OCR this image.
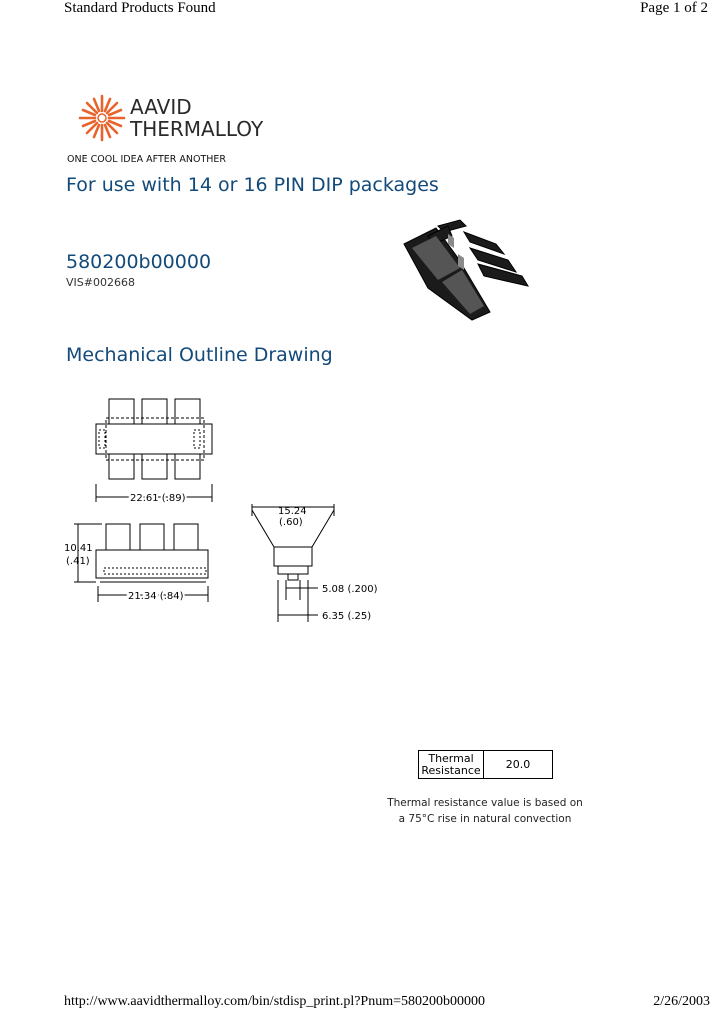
Standard Products Found	Page 1 of 2
AAVID
THERMALLOY
ONE COOL IDEA AFTER ANOTHER
For use with 14 or 16 PIN DIP packages
580200b00000
VIS#002668
Mechanical Outline Drawing
22.61 (.89)
10.41
(.41)
21.34 (.84)
15.24
(.60)
5.08 (.200)
6.35 (.25)
Thermal Resistance	20.0
Thermal resistance value is based on
a 75°C rise in natural convection
http://www.aavidthermalloy.com/bin/stdisp_print.pl?Pnum=580200b00000	2/26/2003
